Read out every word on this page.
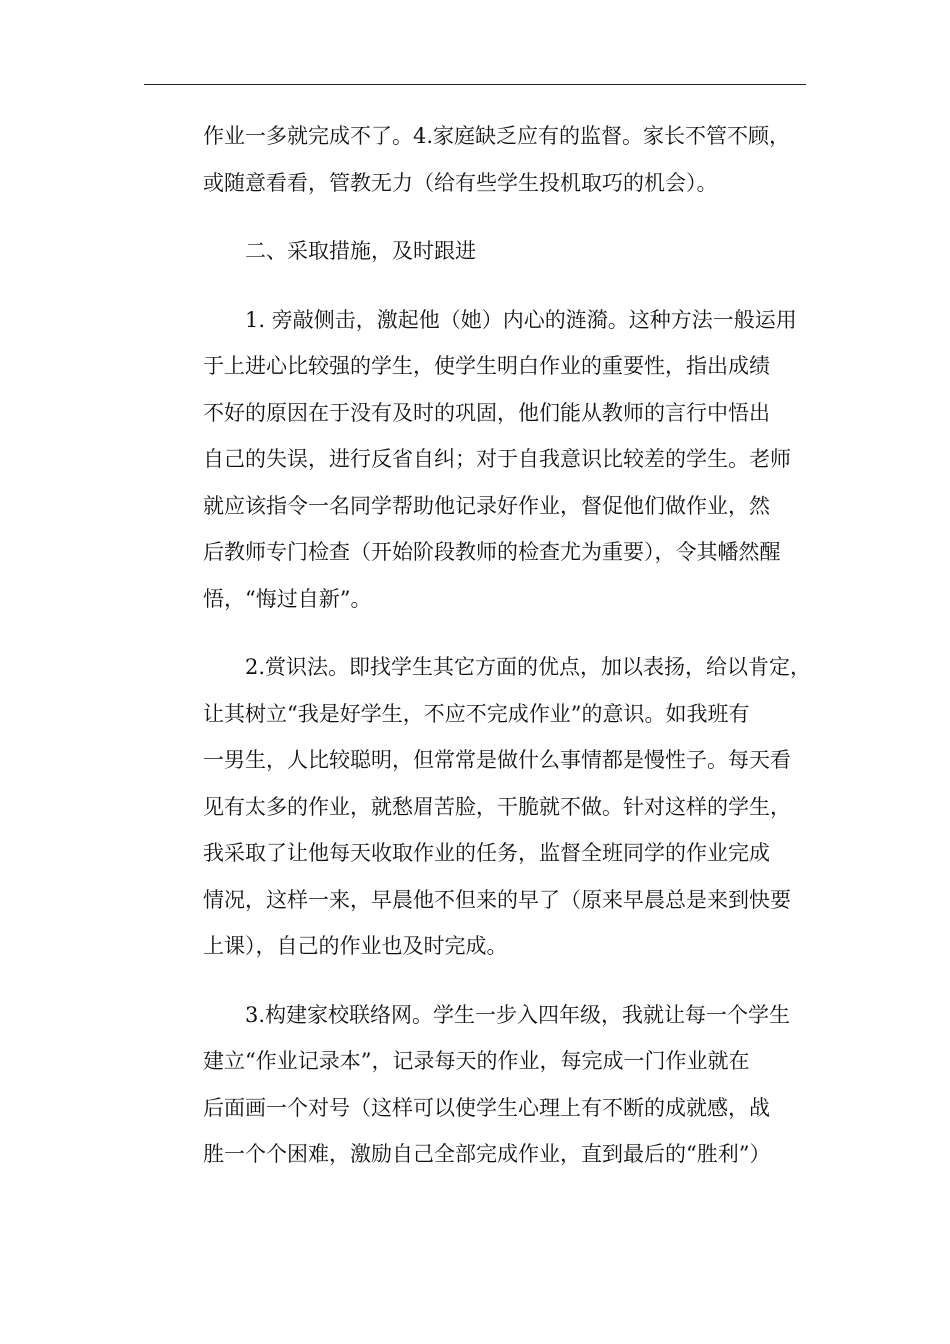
作业一多就完成不了。4.家庭缺乏应有的监督。家长不管不顾，
或随意看看，管教无力（给有些学生投机取巧的机会）。
　　二、采取措施，及时跟进
　　1. 旁敲侧击，激起他（她）内心的涟漪。这种方法一般运用
于上进心比较强的学生，使学生明白作业的重要性，指出成绩
不好的原因在于没有及时的巩固，他们能从教师的言行中悟出
自己的失误，进行反省自纠；对于自我意识比较差的学生。老师
就应该指令一名同学帮助他记录好作业，督促他们做作业，然
后教师专门检查（开始阶段教师的检查尤为重要），令其幡然醒
悟，“悔过自新”。
　　2.赏识法。即找学生其它方面的优点，加以表扬，给以肯定，
让其树立“我是好学生，不应不完成作业”的意识。如我班有
一男生，人比较聪明，但常常是做什么事情都是慢性子。每天看
见有太多的作业，就愁眉苦脸，干脆就不做。针对这样的学生，
我采取了让他每天收取作业的任务，监督全班同学的作业完成
情况，这样一来，早晨他不但来的早了（原来早晨总是来到快要
上课），自己的作业也及时完成。
　　3.构建家校联络网。学生一步入四年级，我就让每一个学生
建立“作业记录本”，记录每天的作业，每完成一门作业就在
后面画一个对号（这样可以使学生心理上有不断的成就感，战
胜一个个困难，激励自己全部完成作业，直到最后的“胜利”）
